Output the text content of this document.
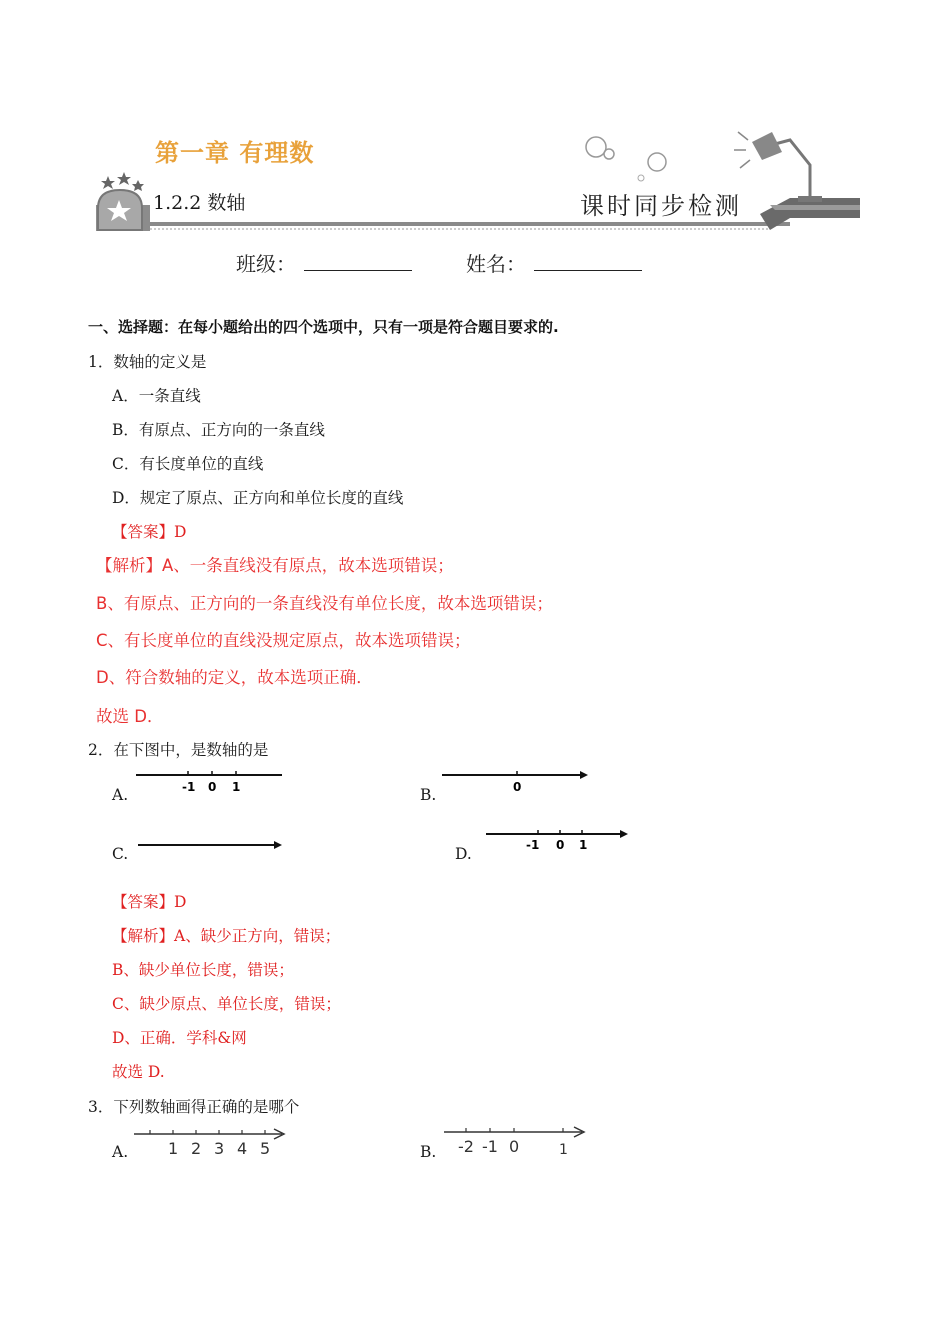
第一章 有理数
1.2.2 数轴	课时同步检测
班级：	姓名：
一、选择题：在每小题给出的四个选项中，只有一项是符合题目要求的.
1．数轴的定义是
A．一条直线
B．有原点、正方向的一条直线
C．有长度单位的直线
D．规定了原点、正方向和单位长度的直线
【答案】D
【解析】A、一条直线没有原点，故本选项错误；
B、有原点、正方向的一条直线没有单位长度，故本选项错误；
C、有长度单位的直线没规定原点，故本选项错误；
D、符合数轴的定义，故本选项正确．
故选 D．
2．在下图中，是数轴的是
A.	-1 0 1	B.	0
C.	D.	-1 0 1
【答案】D
【解析】A、缺少正方向，错误；
B、缺少单位长度，错误；
C、缺少原点、单位长度，错误；
D、正确．学科&网
故选 D.
3．下列数轴画得正确的是哪个
A. 1 2 3 4 5	B. -2 -1 0	1
